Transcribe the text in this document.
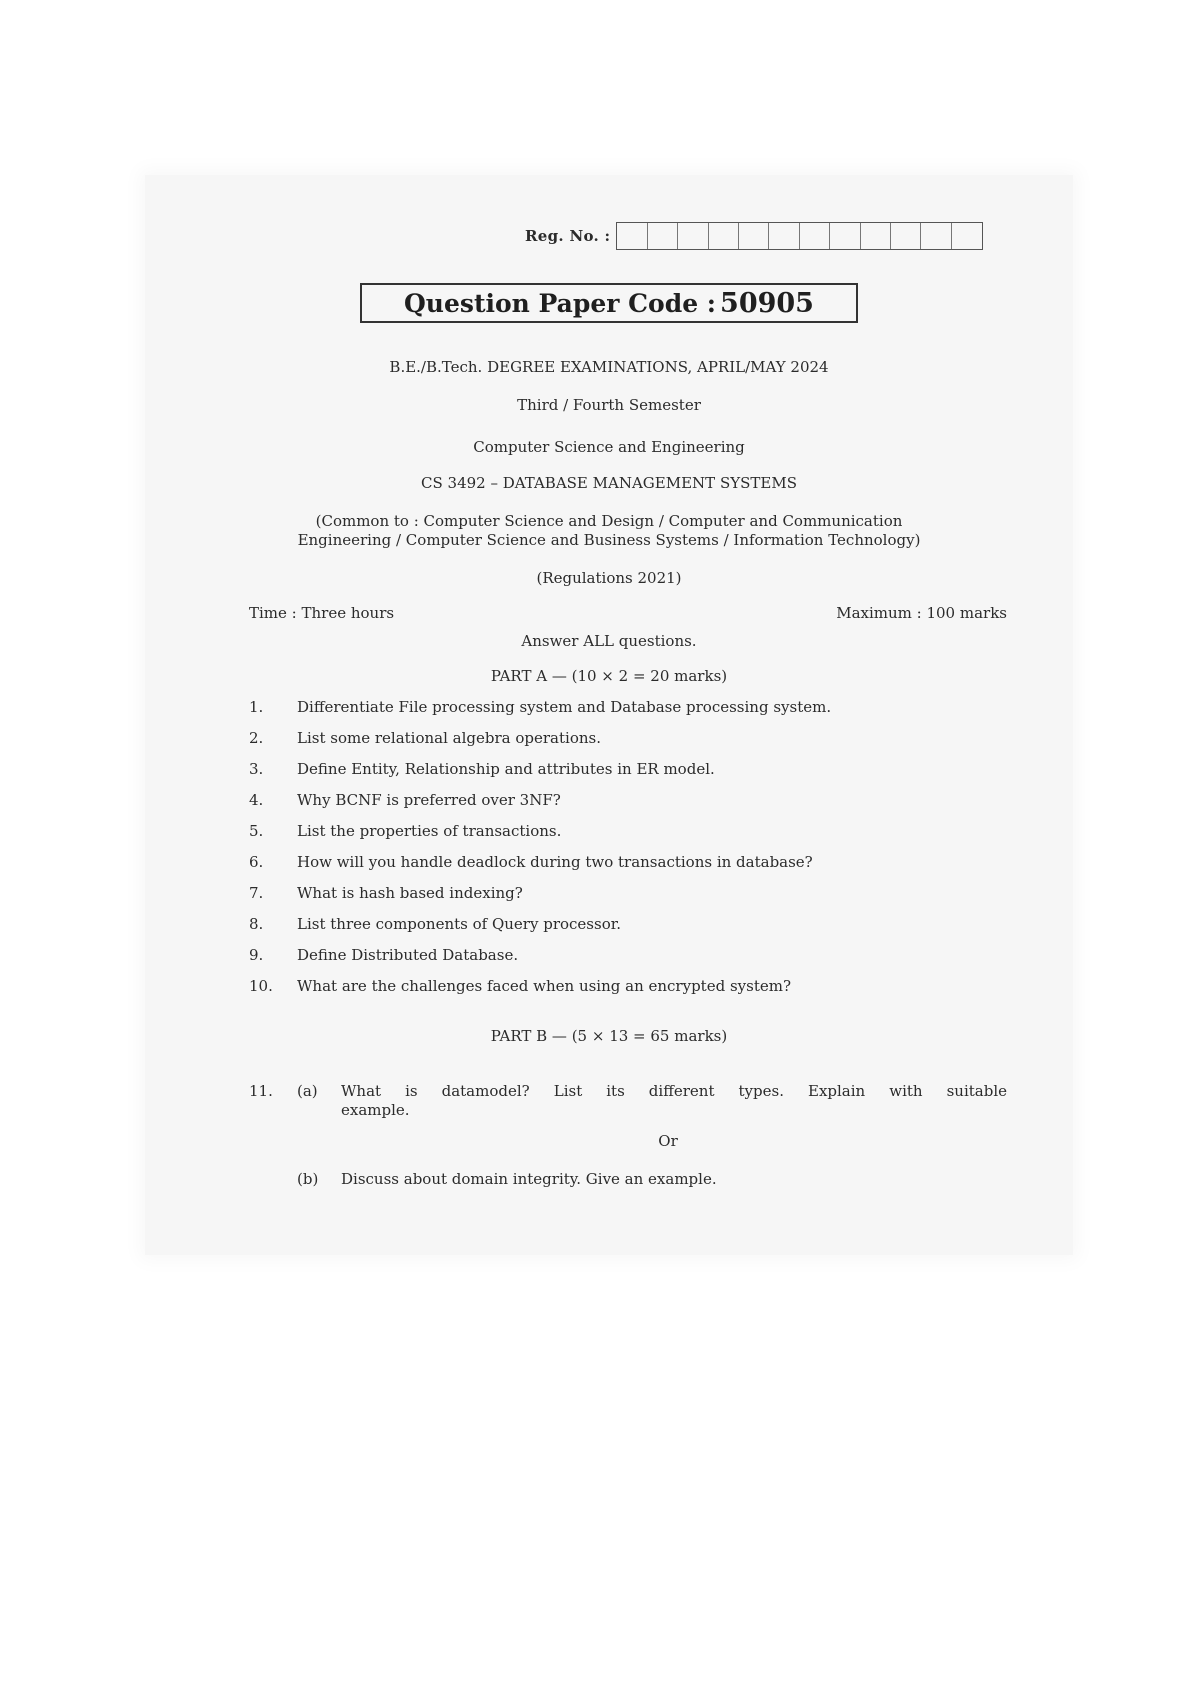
Reg. No. :
Question Paper Code : 50905
B.E./B.Tech. DEGREE EXAMINATIONS, APRIL/MAY 2024
Third / Fourth Semester
Computer Science and Engineering
CS 3492 – DATABASE MANAGEMENT SYSTEMS
(Common to : Computer Science and Design / Computer and Communication
Engineering / Computer Science and Business Systems / Information Technology)
(Regulations 2021)
Time : Three hours	Maximum : 100 marks
Answer ALL questions.
PART A — (10 × 2 = 20 marks)
1.	Differentiate File processing system and Database processing system.
2.	List some relational algebra operations.
3.	Define Entity, Relationship and attributes in ER model.
4.	Why BCNF is preferred over 3NF?
5.	List the properties of transactions.
6.	How will you handle deadlock during two transactions in database?
7.	What is hash based indexing?
8.	List three components of Query processor.
9.	Define Distributed Database.
10.	What are the challenges faced when using an encrypted system?
PART B — (5 × 13 = 65 marks)
11.	(a)	What is datamodel? List its different types. Explain with suitable
example.
Or
(b)	Discuss about domain integrity. Give an example.
